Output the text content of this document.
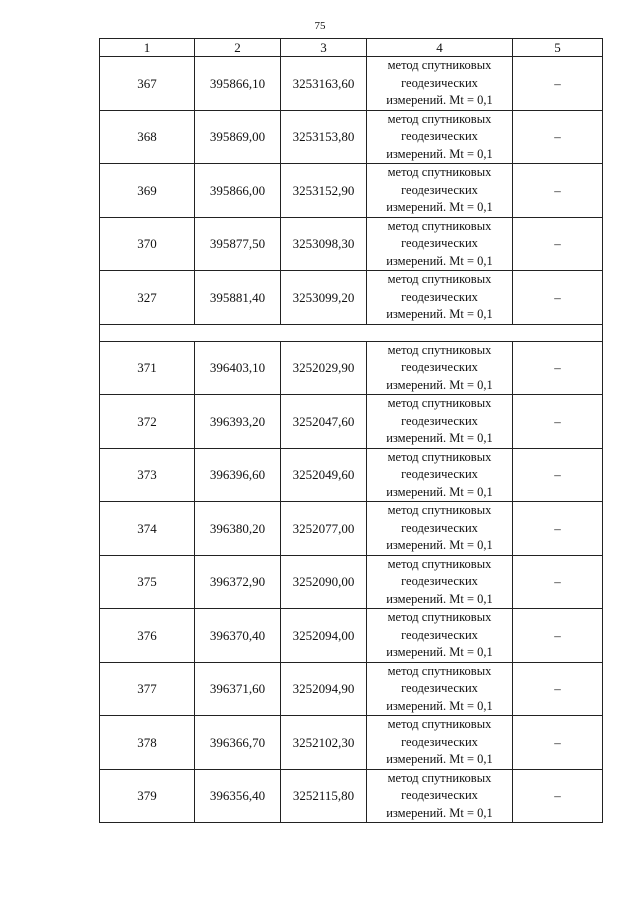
75
1	2	3	4	5
367	395866,10	3253163,60	метод спутниковых
геодезических
измерений. Mt = 0,1	–
368	395869,00	3253153,80	метод спутниковых
геодезических
измерений. Mt = 0,1	–
369	395866,00	3253152,90	метод спутниковых
геодезических
измерений. Mt = 0,1	–
370	395877,50	3253098,30	метод спутниковых
геодезических
измерений. Mt = 0,1	–
327	395881,40	3253099,20	метод спутниковых
геодезических
измерений. Mt = 0,1	–

371	396403,10	3252029,90	метод спутниковых
геодезических
измерений. Mt = 0,1	–
372	396393,20	3252047,60	метод спутниковых
геодезических
измерений. Mt = 0,1	–
373	396396,60	3252049,60	метод спутниковых
геодезических
измерений. Mt = 0,1	–
374	396380,20	3252077,00	метод спутниковых
геодезических
измерений. Mt = 0,1	–
375	396372,90	3252090,00	метод спутниковых
геодезических
измерений. Mt = 0,1	–
376	396370,40	3252094,00	метод спутниковых
геодезических
измерений. Mt = 0,1	–
377	396371,60	3252094,90	метод спутниковых
геодезических
измерений. Mt = 0,1	–
378	396366,70	3252102,30	метод спутниковых
геодезических
измерений. Mt = 0,1	–
379	396356,40	3252115,80	метод спутниковых
геодезических
измерений. Mt = 0,1	–
